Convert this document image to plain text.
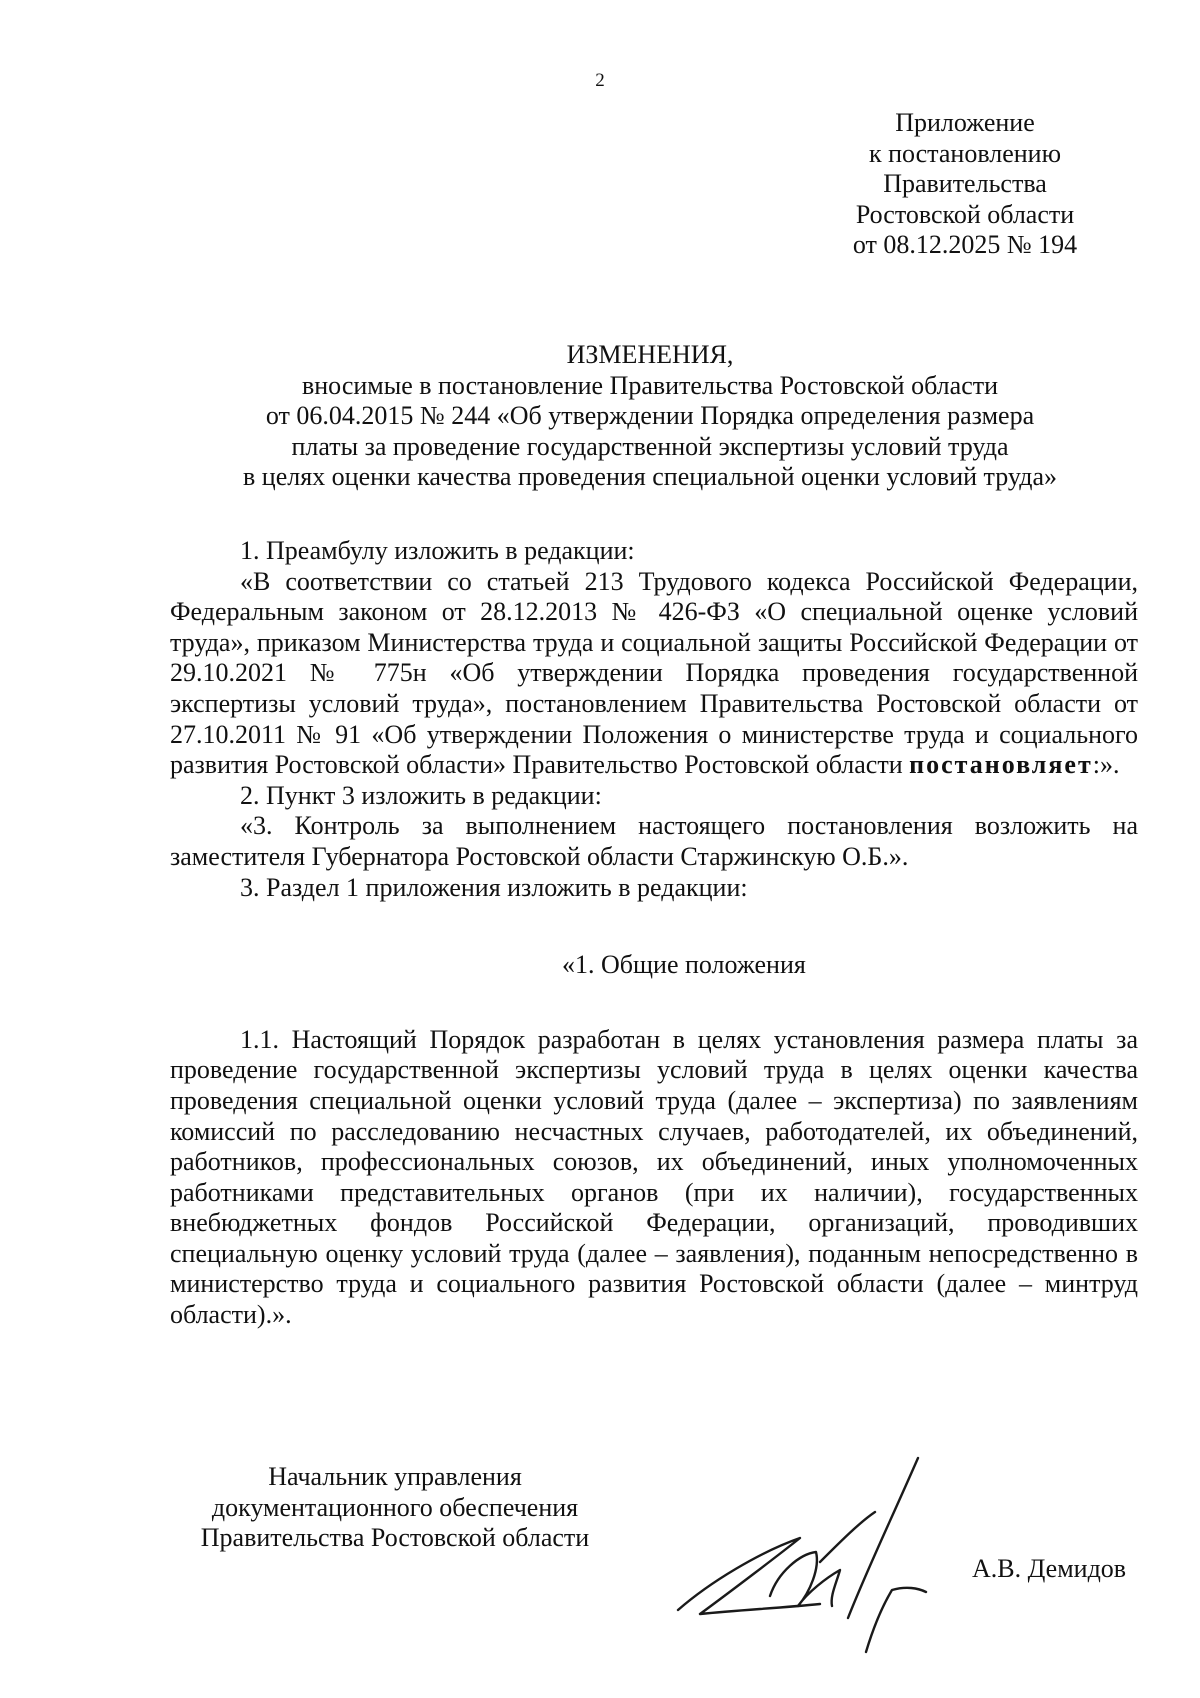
2
Приложение
к постановлению
Правительства
Ростовской области
от 08.12.2025 № 194
ИЗМЕНЕНИЯ,
вносимые в постановление Правительства Ростовской области
от 06.04.2015 № 244 «Об утверждении Порядка определения размера
платы за проведение государственной экспертизы условий труда
в целях оценки качества проведения специальной оценки условий труда»

1. Преамбулу изложить в редакции:

«В соответствии со статьей 213 Трудового кодекса Российской Федерации, Федеральным законом от 28.12.2013 № 426-ФЗ «О специальной оценке условий труда», приказом Министерства труда и социальной защиты Российской Федерации от 29.10.2021 № 775н «Об утверждении Порядка проведения государственной экспертизы условий труда», постановлением Правительства Ростовской области от 27.10.2011 № 91 «Об утверждении Положения о министерстве труда и социального развития Ростовской области» Правительство Ростовской области постановляет:».

2. Пункт 3 изложить в редакции:

«3. Контроль за выполнением настоящего постановления возложить на заместителя Губернатора Ростовской области Старжинскую О.Б.».

3. Раздел 1 приложения изложить в редакции:

«1. Общие положения

1.1. Настоящий Порядок разработан в целях установления размера платы за проведение государственной экспертизы условий труда в целях оценки качества проведения специальной оценки условий труда (далее – экспертиза) по заявлениям комиссий по расследованию несчастных случаев, работодателей, их объединений, работников, профессиональных союзов, их объединений, иных уполномоченных работниками представительных органов (при их наличии), государственных внебюджетных фондов Российской Федерации, организаций, проводивших специальную оценку условий труда (далее – заявления), поданным непосредственно в министерство труда и социального развития Ростовской области (далее – минтруд области).».

Начальник управления
документационного обеспечения
Правительства Ростовской области
А.В. Демидов
